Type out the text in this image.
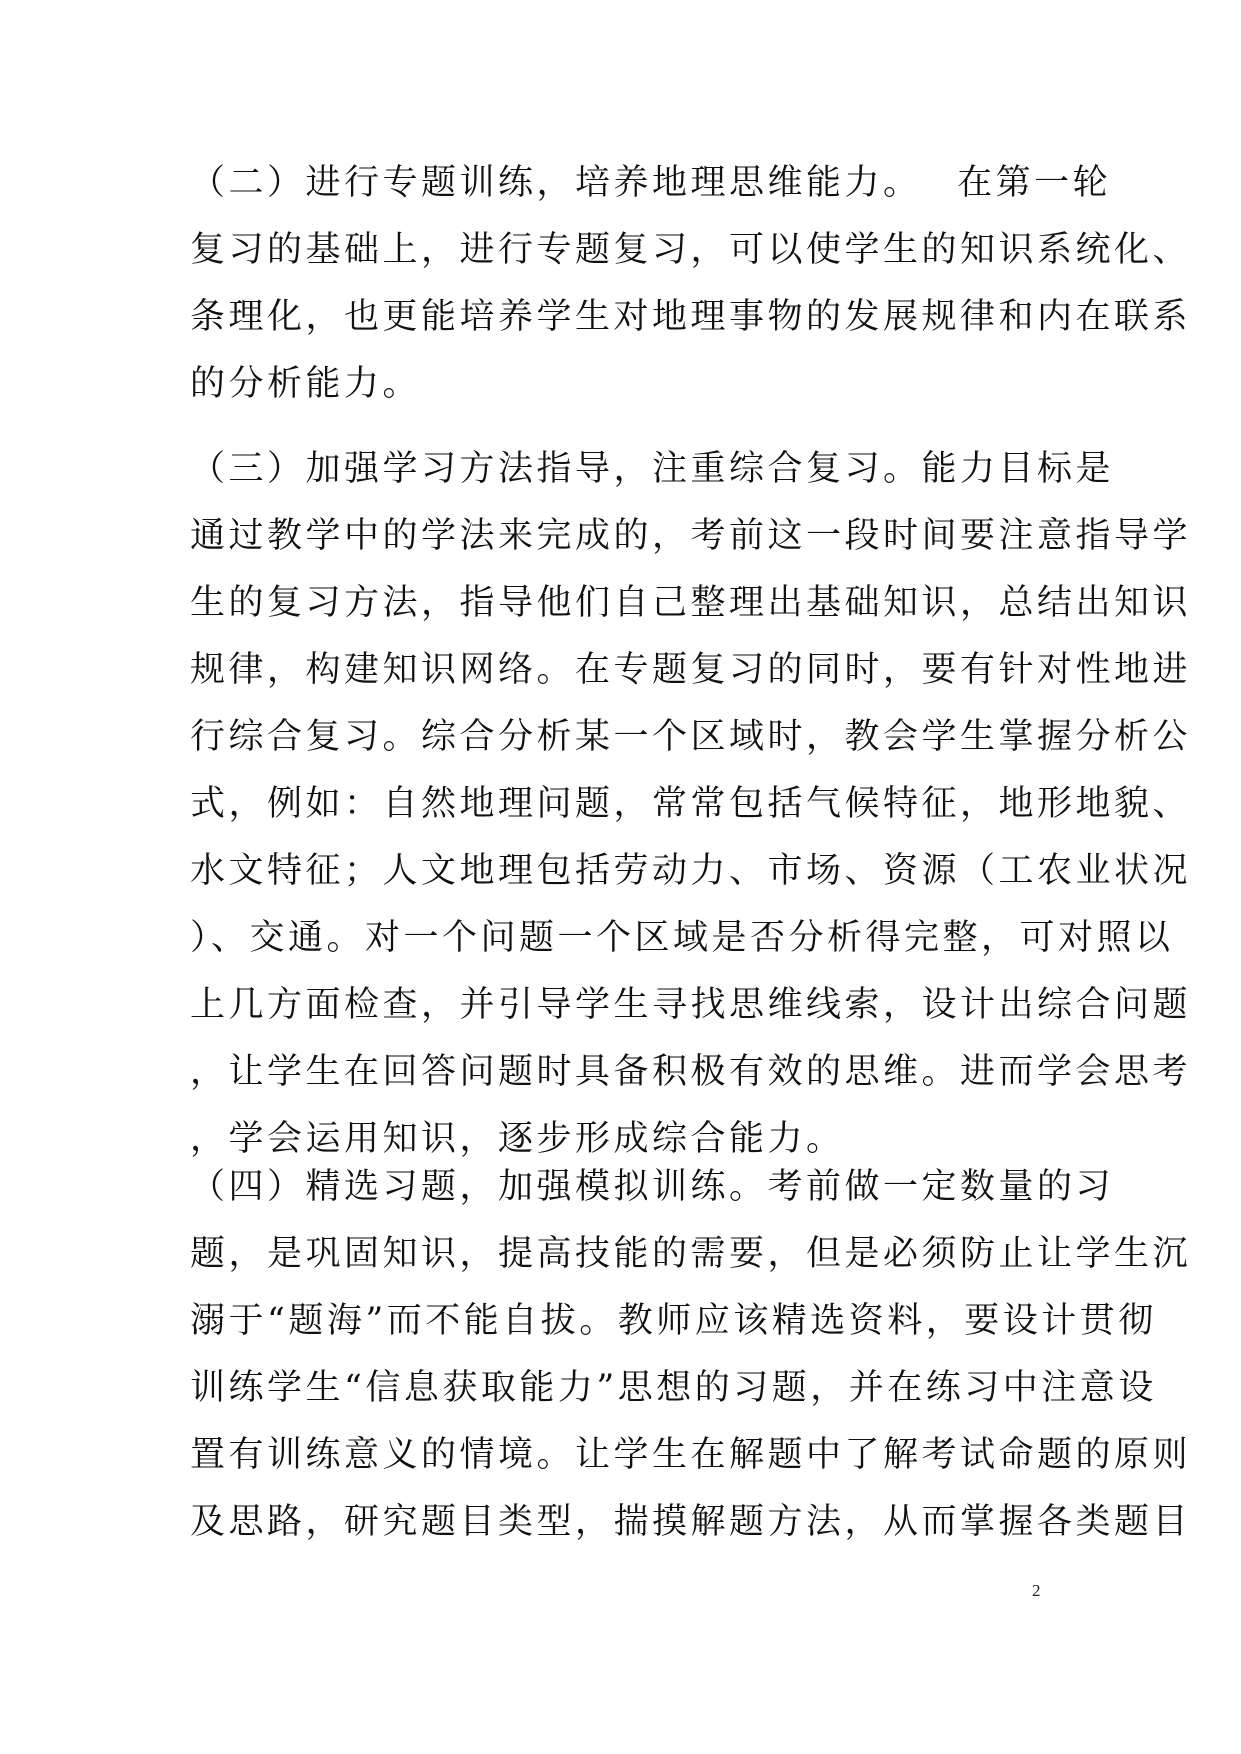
（二）进行专题训练，培养地理思维能力。　 在第一轮
复习的基础上，进行专题复习，可以使学生的知识系统化、
条理化，也更能培养学生对地理事物的发展规律和内在联系
的分析能力。
（三）加强学习方法指导，注重综合复习。能力目标是
通过教学中的学法来完成的，考前这一段时间要注意指导学
生的复习方法，指导他们自己整理出基础知识，总结出知识
规律，构建知识网络。在专题复习的同时，要有针对性地进
行综合复习。综合分析某一个区域时，教会学生掌握分析公
式，例如：自然地理问题，常常包括气候特征，地形地貌、
水文特征；人文地理包括劳动力、市场、资源（工农业状况
）、交通。对一个问题一个区域是否分析得完整，可对照以
上几方面检查，并引导学生寻找思维线索，设计出综合问题
，让学生在回答问题时具备积极有效的思维。进而学会思考
，学会运用知识，逐步形成综合能力。
（四）精选习题，加强模拟训练。考前做一定数量的习
题，是巩固知识，提高技能的需要，但是必须防止让学生沉
溺于“题海”而不能自拔。教师应该精选资料，要设计贯彻
训练学生“信息获取能力”思想的习题，并在练习中注意设
置有训练意义的情境。让学生在解题中了解考试命题的原则
及思路，研究题目类型，揣摸解题方法，从而掌握各类题目
2
